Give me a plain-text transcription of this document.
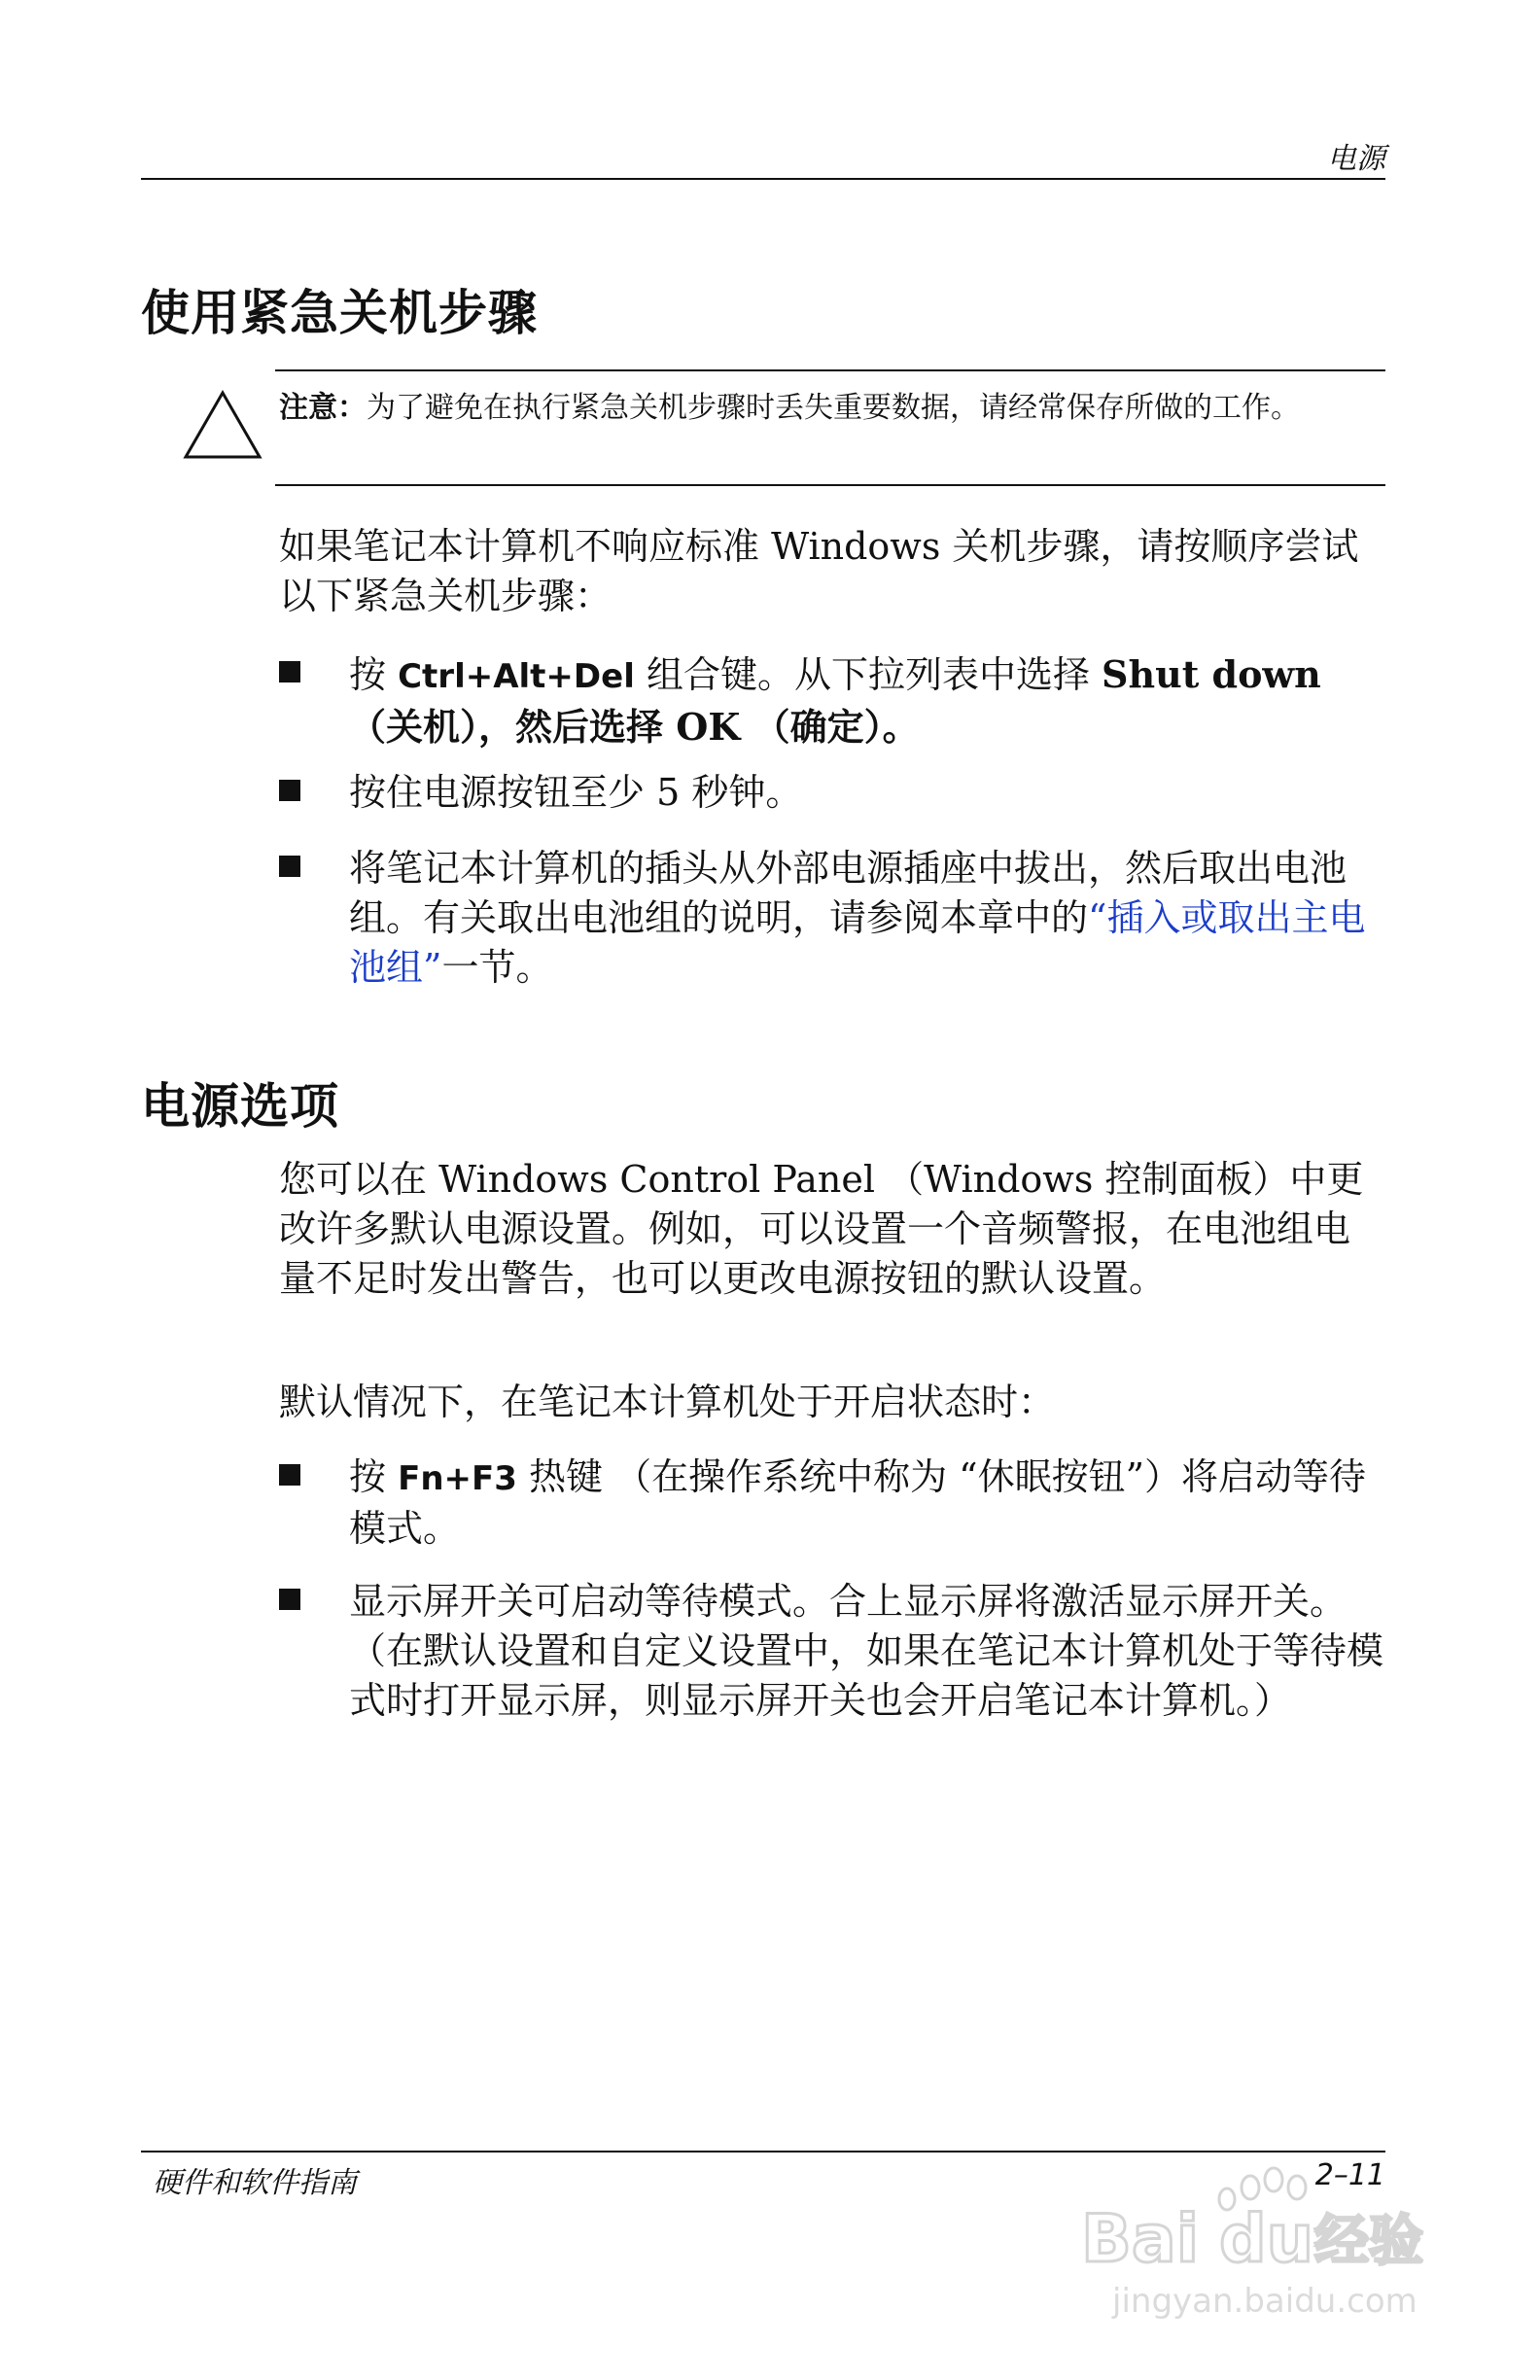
电源
使用紧急关机步骤
注意：为了避免在执行紧急关机步骤时丢失重要数据，请经常保存所做的工作。
如果笔记本计算机不响应标准 Windows 关机步骤，请按顺序尝试以下紧急关机步骤：
按 Ctrl+Alt+Del 组合键。从下拉列表中选择 Shut down
（关机），然后选择 OK （确定）。
按住电源按钮至少 5 秒钟。
将笔记本计算机的插头从外部电源插座中拔出，然后取出电池组。有关取出电池组的说明，请参阅本章中的“插入或取出主电池组”一节。
电源选项
您可以在 Windows Control Panel （Windows 控制面板）中更改许多默认电源设置。例如，可以设置一个音频警报，在电池组电量不足时发出警告，也可以更改电源按钮的默认设置。
默认情况下，在笔记本计算机处于开启状态时：
按 Fn+F3 热键 （在操作系统中称为 “休眠按钮”）将启动等待模式。
显示屏开关可启动等待模式。合上显示屏将激活显示屏开关。（在默认设置和自定义设置中，如果在笔记本计算机处于等待模式时打开显示屏，则显示屏开关也会开启笔记本计算机。）
硬件和软件指南	2–11
Bai du 经验
jingyan.baidu.com
